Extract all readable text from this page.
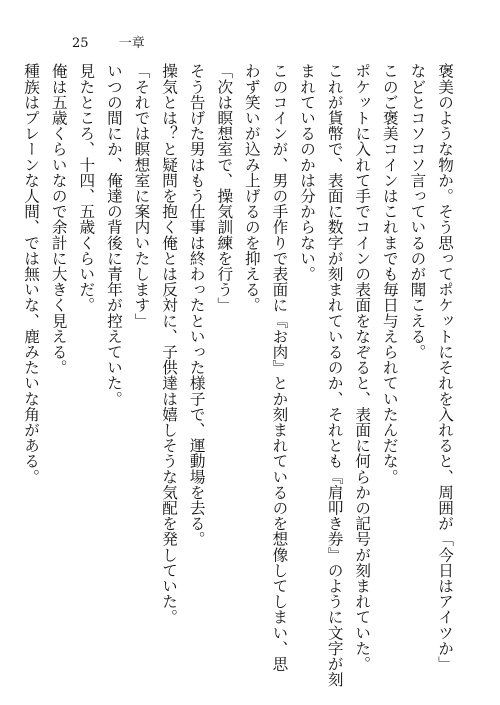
25 一章
褒美のような物か。そう思ってポケットにそれを入れると、周囲が「今日はアイツか」
などとコソコソ言っているのが聞こえる。
このご褒美コインはこれまでも毎日与えられていたんだな。
ポケットに入れて手でコインの表面をなぞると、表面に何らかの記号が刻まれていた。
これが貨幣で、表面に数字が刻まれているのか、それとも『肩叩き券』のように文字が刻
まれているのかは分からない。
このコインが、男の手作りで表面に『お肉』とか刻まれているのを想像してしまい、思
わず笑いが込み上げるのを抑える。
「次は瞑想室で、操気訓練を行う」
そう告げた男はもう仕事は終わったといった様子で、運動場を去る。
操気とは？と疑問を抱く俺とは反対に、子供達は嬉しそうな気配を発していた。
「それでは瞑想室に案内いたします」
いつの間にか、俺達の背後に青年が控えていた。
見たところ、十四、五歳くらいだ。
俺は五歳くらいなので余計に大きく見える。
種族はプレーンな人間、では無いな、鹿みたいな角がある。
